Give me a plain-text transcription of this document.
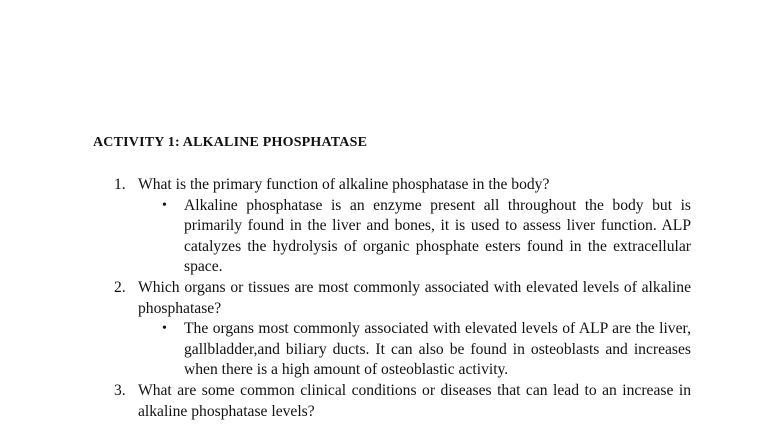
ACTIVITY 1: ALKALINE PHOSPHATASE

1. What is the primary function of alkaline phosphatase in the body?
•	Alkaline phosphatase is an enzyme present all throughout the body but is primarily found in the liver and bones, it is used to assess liver function. ALP catalyzes the hydrolysis of organic phosphate esters found in the extracellular space.
2. Which organs or tissues are most commonly associated with elevated levels of alkaline phosphatase?
•	The organs most commonly associated with elevated levels of ALP are the liver, gallbladder,and biliary ducts. It can also be found in osteoblasts and increases when there is a high amount of osteoblastic activity.
3. What are some common clinical conditions or diseases that can lead to an increase in alkaline phosphatase levels?
